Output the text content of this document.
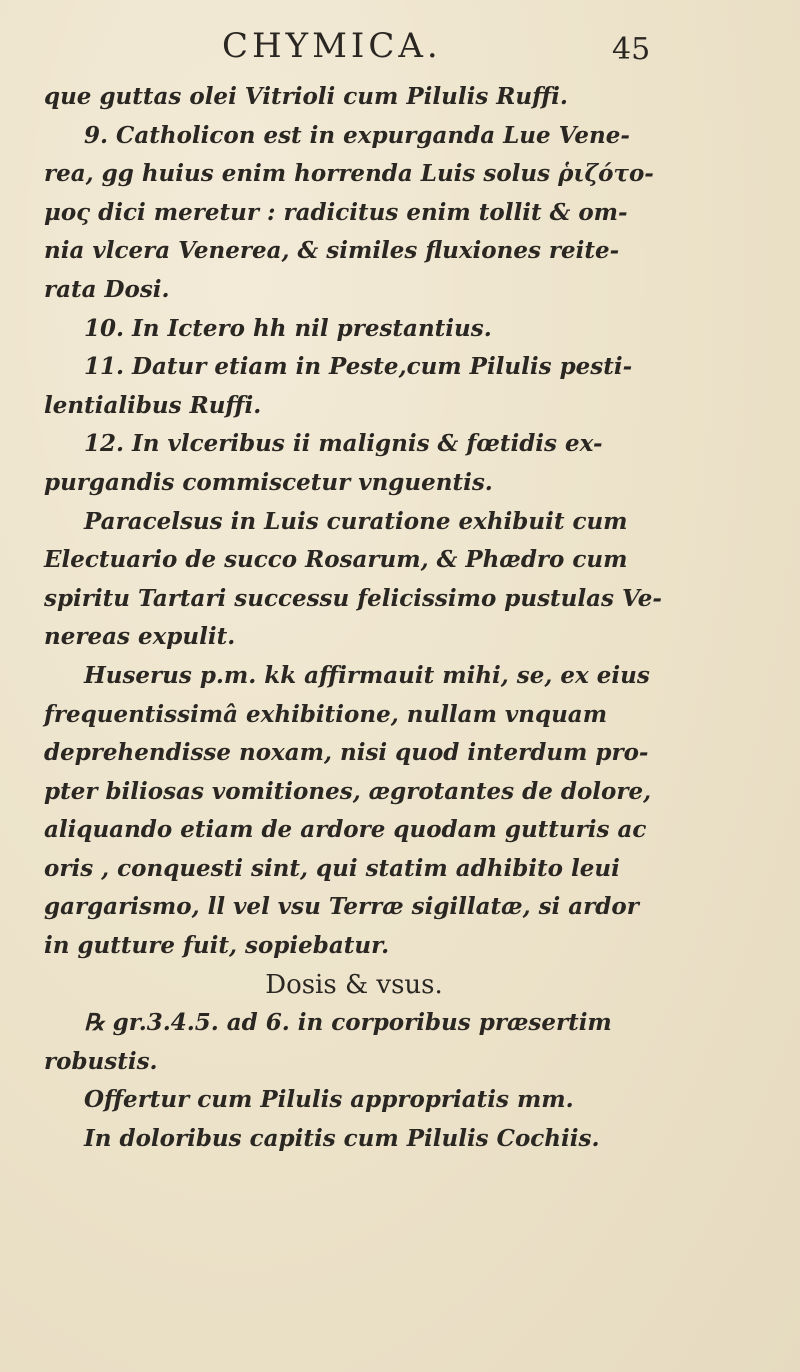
CHYMICA.	45
que guttas olei Vitrioli cum Pilulis Ruffi.
9. Catholicon est in expurganda Lue Vene-
rea, gg huius enim horrenda Luis solus ῥιζότο-
μος dici meretur : radicitus enim tollit & om-
nia vlcera Venerea, & similes fluxiones reite-
rata Dosi.
10. In Ictero hh nil prestantius.
11. Datur etiam in Peste,cum Pilulis pesti-
lentialibus Ruffi.
12. In vlceribus ii malignis & fœtidis ex-
purgandis commiscetur vnguentis.
Paracelsus in Luis curatione exhibuit cum
Electuario de succo Rosarum, & Phædro cum
spiritu Tartari successu felicissimo pustulas Ve-
nereas expulit.
Huserus p.m. kk affirmauit mihi, se, ex eius
frequentissimâ exhibitione, nullam vnquam
deprehendisse noxam, nisi quod interdum pro-
pter biliosas vomitiones, ægrotantes de dolore,
aliquando etiam de ardore quodam gutturis ac
oris , conquesti sint, qui statim adhibito leui
gargarismo, ll vel vsu Terræ sigillatæ, si ardor
in gutture fuit, sopiebatur.
Dosis & vsus.
℞ gr.3.4.5. ad 6. in corporibus præsertim
robustis.
Offertur cum Pilulis appropriatis mm.
In doloribus capitis cum Pilulis Cochiis.
